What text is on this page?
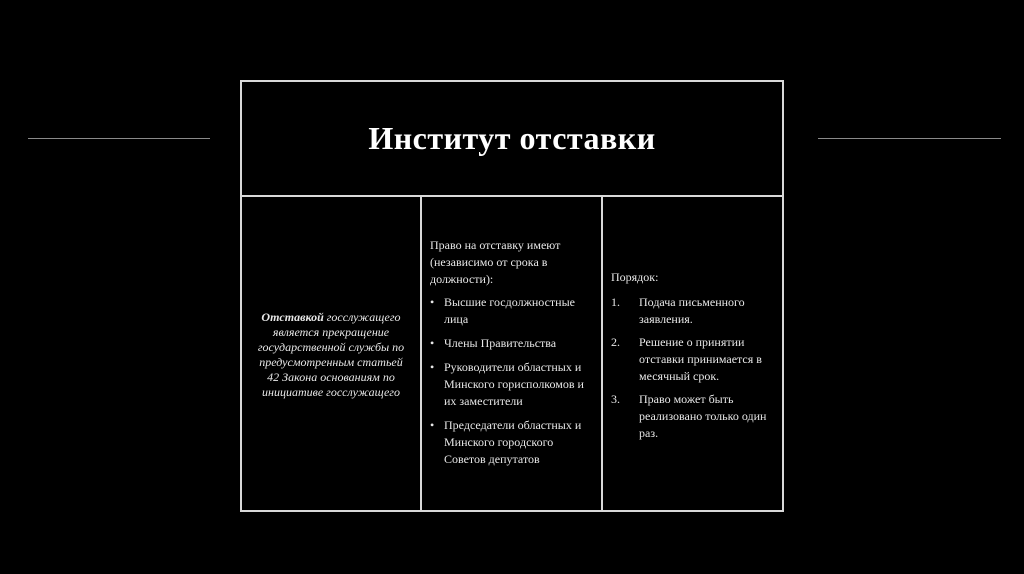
Институт отставки
Отставкой госслужащего является прекращение государственной службы по предусмотренным статьей 42 Закона основаниям по инициативе госслужащего
Право на отставку имеют (независимо от срока в должности):
• Высшие госдолжностные лица
• Члены Правительства
• Руководители областных и Минского горисполкомов и их заместители
• Председатели областных и Минского городского Советов депутатов
Порядок:
1. Подача письменного заявления.
2. Решение о принятии отставки принимается в месячный срок.
3. Право может быть реализовано только один раз.
